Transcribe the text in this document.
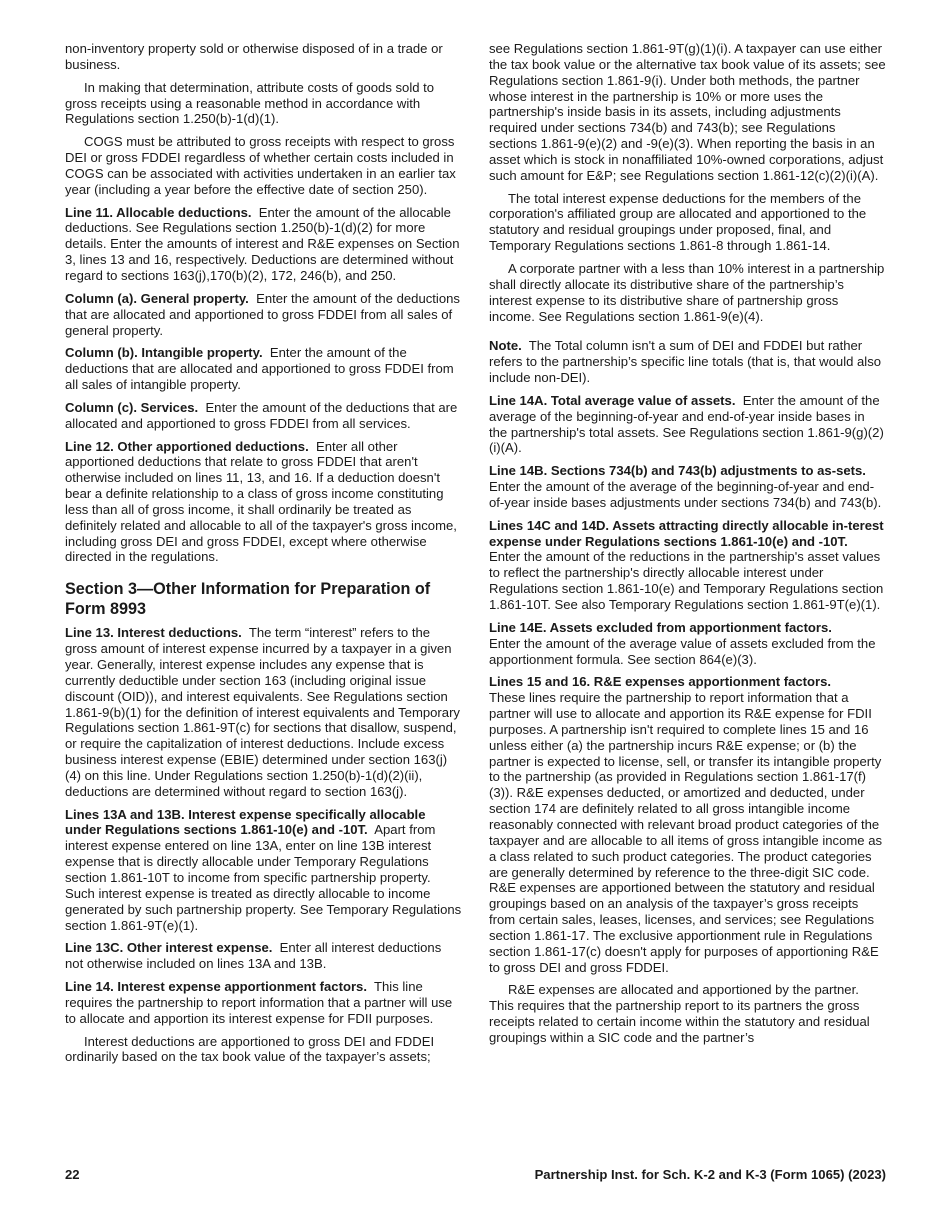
non-inventory property sold or otherwise disposed of in a trade or business.

In making that determination, attribute costs of goods sold to gross receipts using a reasonable method in accordance with Regulations section 1.250(b)-1(d)(1).

COGS must be attributed to gross receipts with respect to gross DEI or gross FDDEI regardless of whether certain costs included in COGS can be associated with activities undertaken in an earlier tax year (including a year before the effective date of section 250).

Line 11. Allocable deductions. Enter the amount of the allocable deductions. See Regulations section 1.250(b)-1(d)(2) for more details. Enter the amounts of interest and R&E expenses on Section 3, lines 13 and 16, respectively. Deductions are determined without regard to sections 163(j),170(b)(2), 172, 246(b), and 250.

Column (a). General property. Enter the amount of the deductions that are allocated and apportioned to gross FDDEI from all sales of general property.

Column (b). Intangible property. Enter the amount of the deductions that are allocated and apportioned to gross FDDEI from all sales of intangible property.

Column (c). Services. Enter the amount of the deductions that are allocated and apportioned to gross FDDEI from all services.

Line 12. Other apportioned deductions. Enter all other apportioned deductions that relate to gross FDDEI that aren't otherwise included on lines 11, 13, and 16. If a deduction doesn't bear a definite relationship to a class of gross income constituting less than all of gross income, it shall ordinarily be treated as definitely related and allocable to all of the taxpayer's gross income, including gross DEI and gross FDDEI, except where otherwise directed in the regulations.

Section 3—Other Information for Preparation of Form 8993

Line 13. Interest deductions. The term “interest” refers to the gross amount of interest expense incurred by a taxpayer in a given year. Generally, interest expense includes any expense that is currently deductible under section 163 (including original issue discount (OID)), and interest equivalents. See Regulations section 1.861-9(b)(1) for the definition of interest equivalents and Temporary Regulations section 1.861-9T(c) for sections that disallow, suspend, or require the capitalization of interest deductions. Include excess business interest expense (EBIE) determined under section 163(j)(4) on this line. Under Regulations section 1.250(b)-1(d)(2)(ii), deductions are determined without regard to section 163(j).

Lines 13A and 13B. Interest expense specifically allocable under Regulations sections 1.861-10(e) and -10T. Apart from interest expense entered on line 13A, enter on line 13B interest expense that is directly allocable under Temporary Regulations section 1.861-10T to income from specific partnership property. Such interest expense is treated as directly allocable to income generated by such partnership property. See Temporary Regulations section 1.861-9T(e)(1).

Line 13C. Other interest expense. Enter all interest deductions not otherwise included on lines 13A and 13B.

Line 14. Interest expense apportionment factors. This line requires the partnership to report information that a partner will use to allocate and apportion its interest expense for FDII purposes.

Interest deductions are apportioned to gross DEI and FDDEI ordinarily based on the tax book value of the taxpayer’s assets;

see Regulations section 1.861-9T(g)(1)(i). A taxpayer can use either the tax book value or the alternative tax book value of its assets; see Regulations section 1.861-9(i). Under both methods, the partner whose interest in the partnership is 10% or more uses the partnership's inside basis in its assets, including adjustments required under sections 734(b) and 743(b); see Regulations sections 1.861-9(e)(2) and -9(e)(3). When reporting the basis in an asset which is stock in nonaffiliated 10%-owned corporations, adjust such amount for E&P; see Regulations section 1.861-12(c)(2)(i)(A).

The total interest expense deductions for the members of the corporation's affiliated group are allocated and apportioned to the statutory and residual groupings under proposed, final, and Temporary Regulations sections 1.861-8 through 1.861-14.

A corporate partner with a less than 10% interest in a partnership shall directly allocate its distributive share of the partnership’s interest expense to its distributive share of partnership gross income. See Regulations section 1.861-9(e)(4).

Note. The Total column isn't a sum of DEI and FDDEI but rather refers to the partnership’s specific line totals (that is, that would also include non-DEI).

Line 14A. Total average value of assets. Enter the amount of the average of the beginning-of-year and end-of-year inside bases in the partnership's total assets. See Regulations section 1.861-9(g)(2)(i)(A).

Line 14B. Sections 734(b) and 743(b) adjustments to as-sets.  Enter the amount of the average of the beginning-of-year and end-of-year inside bases adjustments under sections 734(b) and 743(b).

Lines 14C and 14D. Assets attracting directly allocable in-terest expense under Regulations sections 1.861-10(e) and -10T.  Enter the amount of the reductions in the partnership's asset values to reflect the partnership's directly allocable interest under Regulations section 1.861-10(e) and Temporary Regulations section 1.861-10T. See also Temporary Regulations section 1.861-9T(e)(1).

Line 14E. Assets excluded from apportionment factors.
Enter the amount of the average value of assets excluded from the apportionment formula. See section 864(e)(3).

Lines 15 and 16. R&E expenses apportionment factors.
These lines require the partnership to report information that a partner will use to allocate and apportion its R&E expense for FDII purposes. A partnership isn't required to complete lines 15 and 16 unless either (a) the partnership incurs R&E expense; or (b) the partner is expected to license, sell, or transfer its intangible property to the partnership (as provided in Regulations section 1.861-17(f)(3)). R&E expenses deducted, or amortized and deducted, under section 174 are definitely related to all gross intangible income reasonably connected with relevant broad product categories of the taxpayer and are allocable to all items of gross intangible income as a class related to such product categories. The product categories are generally determined by reference to the three-digit SIC code. R&E expenses are apportioned between the statutory and residual groupings based on an analysis of the taxpayer’s gross receipts from certain sales, leases, licenses, and services; see Regulations section 1.861-17. The exclusive apportionment rule in Regulations section 1.861-17(c) doesn't apply for purposes of apportioning R&E to gross DEI and gross FDDEI.

R&E expenses are allocated and apportioned by the partner. This requires that the partnership report to its partners the gross receipts related to certain income within the statutory and residual groupings within a SIC code and the partner’s

22	Partnership Inst. for Sch. K-2 and K-3 (Form 1065) (2023)
